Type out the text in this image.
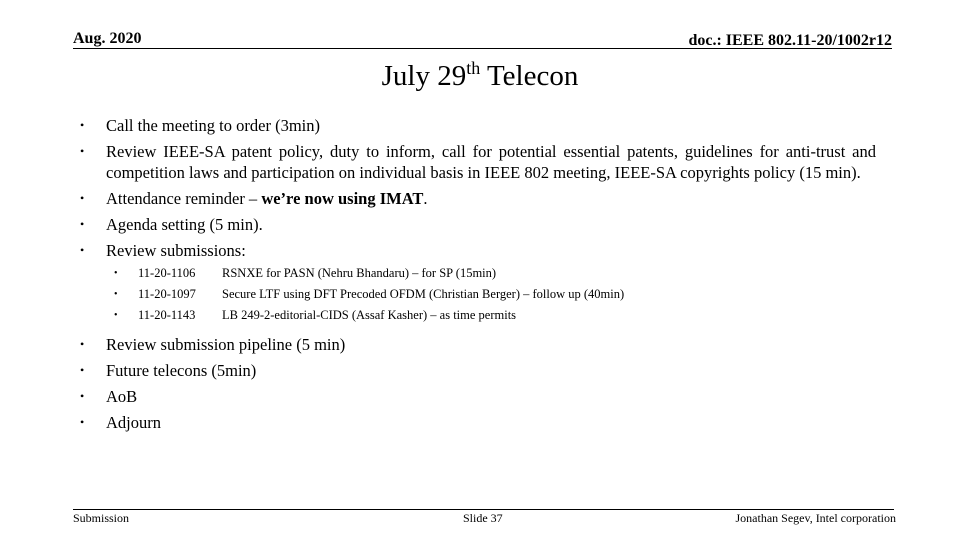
Aug. 2020	doc.: IEEE 802.11-20/1002r12
July 29th Telecon
• Call the meeting to order (3min)
• Review IEEE-SA patent policy, duty to inform, call for potential essential patents, guidelines for anti-trust and competition laws and participation on individual basis in IEEE 802 meeting, IEEE-SA copyrights policy (15 min).
• Attendance reminder – we’re now using IMAT.
• Agenda setting (5 min).
• Review submissions:
• 11-20-1106 RSNXE for PASN (Nehru Bhandaru) – for SP (15min)
• 11-20-1097 Secure LTF using DFT Precoded OFDM (Christian Berger) – follow up (40min)
• 11-20-1143 LB 249-2-editorial-CIDS (Assaf Kasher) – as time permits
• Review submission pipeline (5 min)
• Future telecons (5min)
• AoB
• Adjourn
Submission	Slide 37	Jonathan Segev, Intel corporation
